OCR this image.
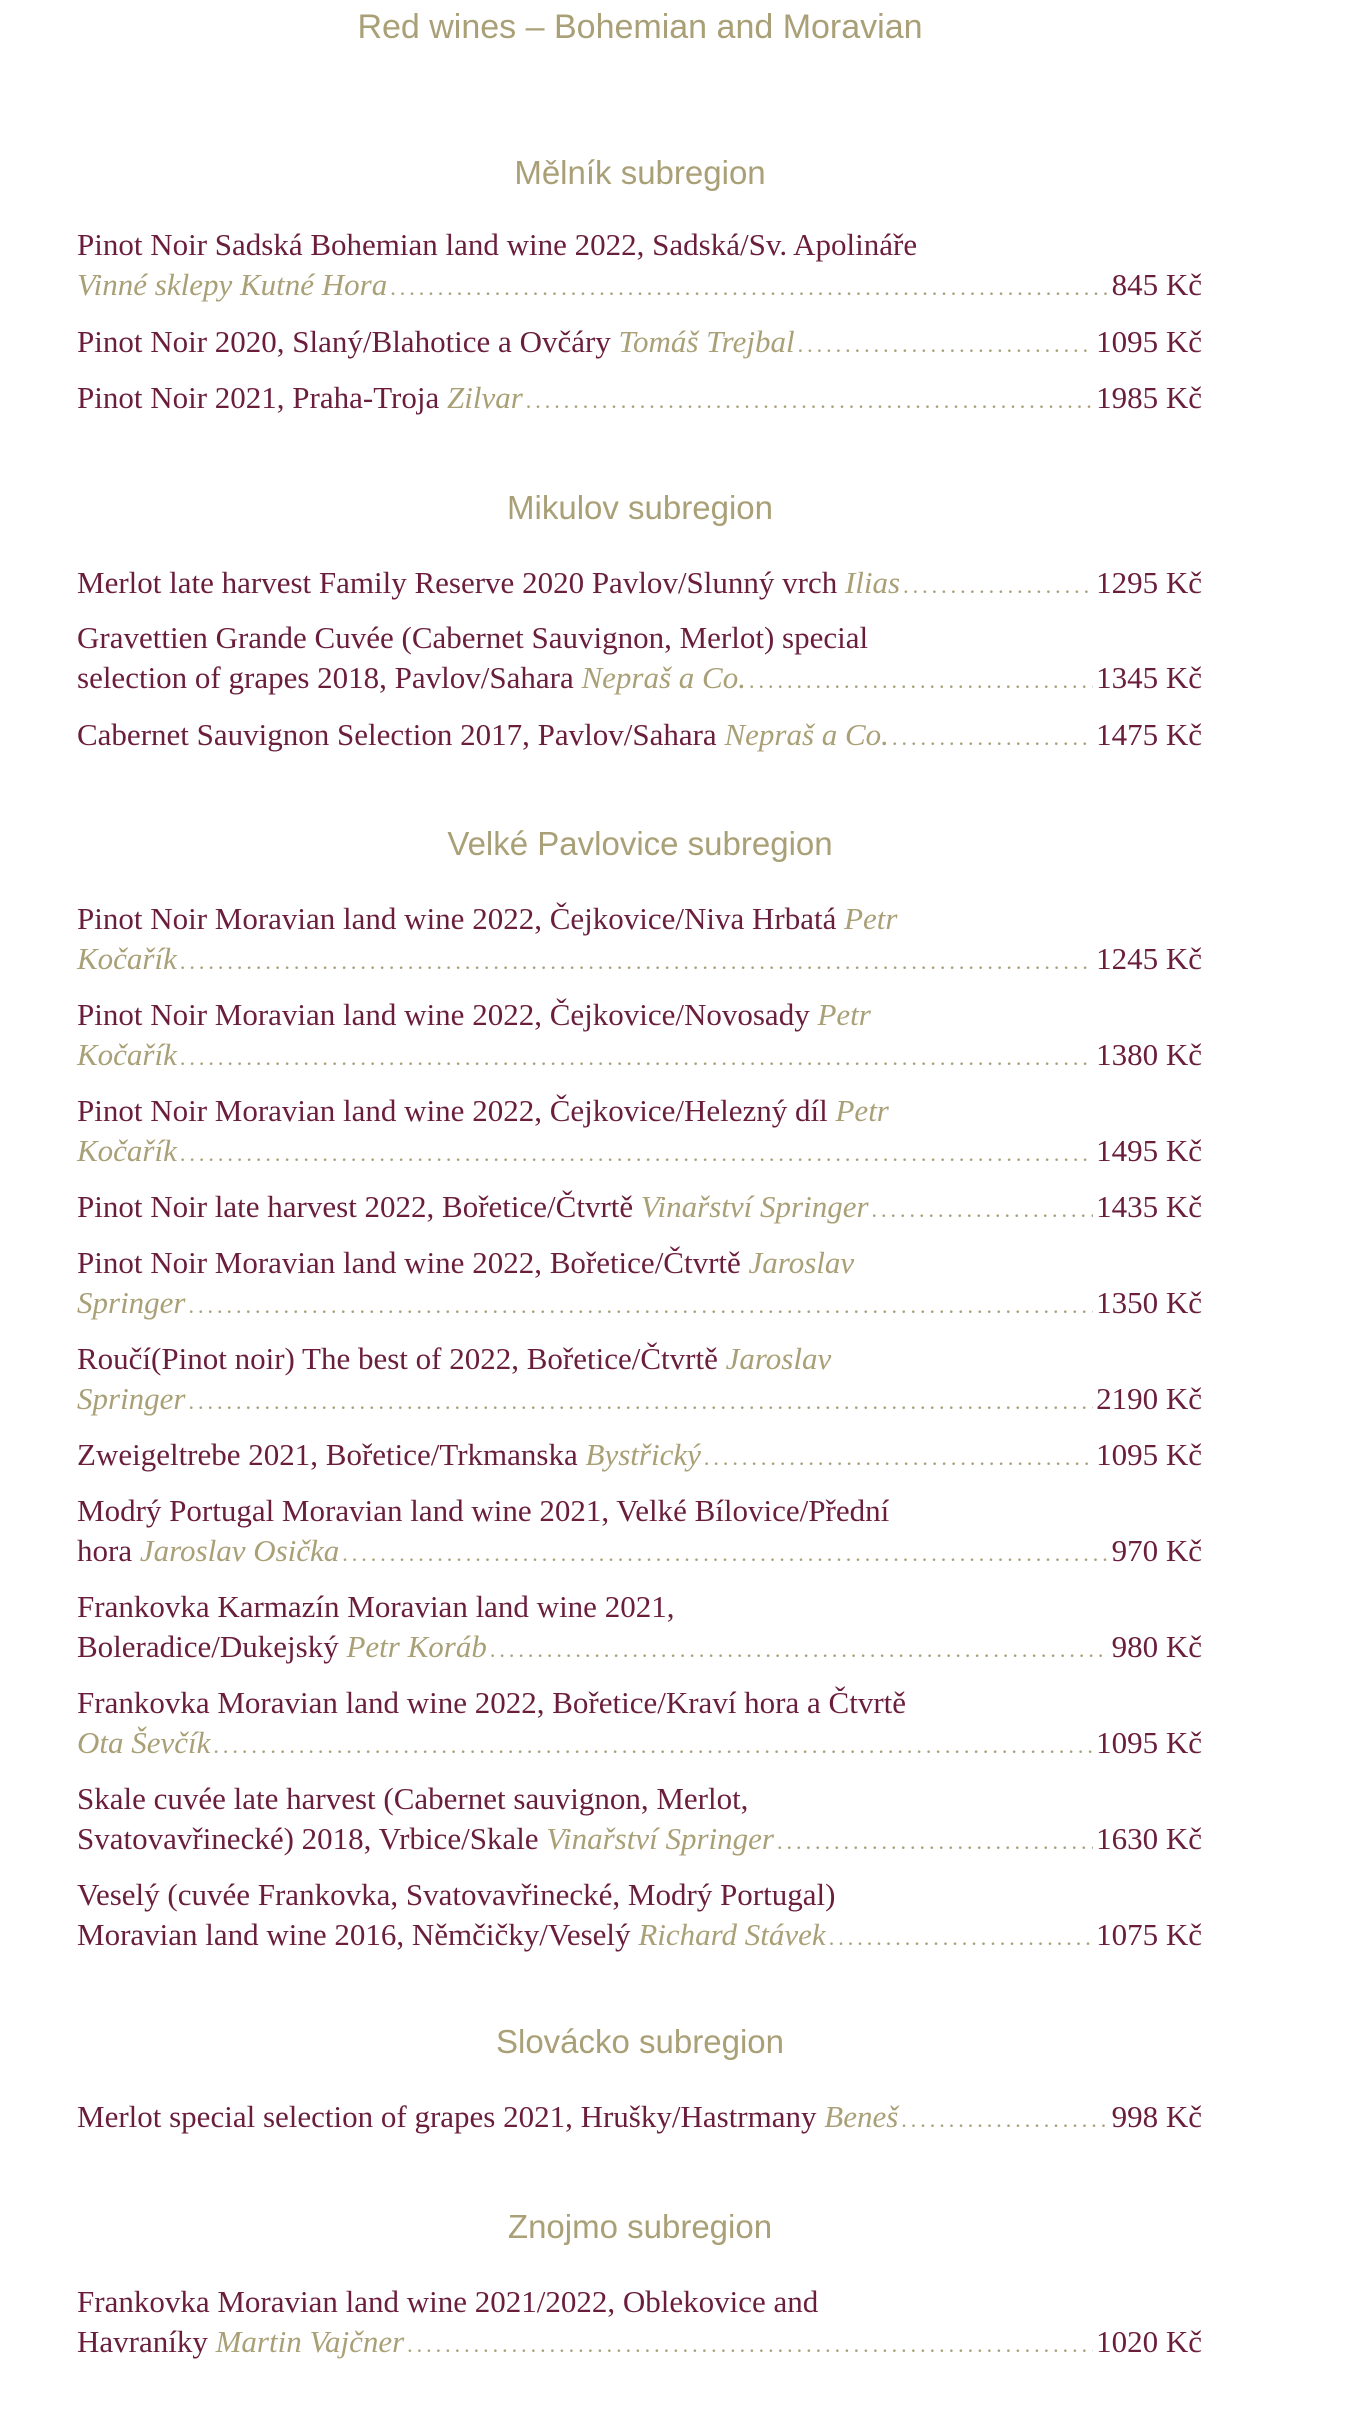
Red wines – Bohemian and Moravian
Mělník subregion
Pinot Noir Sadská Bohemian land wine 2022, Sadská/Sv. Apolináře
Vinné sklepy Kutné Hora .....	845 Kč
Pinot Noir 2020, Slaný/Blahotice a Ovčáry
Tomáš Trejbal .....	1095 Kč
Pinot Noir 2021, Praha-Troja
Zilvar .....	1985 Kč
Mikulov subregion
Merlot late harvest Family Reserve 2020 Pavlov/Slunný vrch
Ilias .....	1295 Kč
Gravettien Grande Cuvée (Cabernet Sauvignon, Merlot) special
selection of grapes 2018, Pavlov/Sahara
Nepraš a Co. .....	1345 Kč
Cabernet Sauvignon Selection 2017, Pavlov/Sahara
Nepraš a Co. .....	1475 Kč
Velké Pavlovice subregion
Pinot Noir Moravian land wine 2022, Čejkovice/Niva Hrbatá Petr
Kočařík .....	1245 Kč
Pinot Noir Moravian land wine 2022, Čejkovice/Novosady Petr
Kočařík .....	1380 Kč
Pinot Noir Moravian land wine 2022, Čejkovice/Helezný díl Petr
Kočařík .....	1495 Kč
Pinot Noir late harvest 2022, Bořetice/Čtvrtě
Vinařství Springer .....	1435 Kč
Pinot Noir Moravian land wine 2022, Bořetice/Čtvrtě Jaroslav
Springer .....	1350 Kč
Roučí(Pinot noir) The best of 2022, Bořetice/Čtvrtě Jaroslav
Springer .....	2190 Kč
Zweigeltrebe 2021, Bořetice/Trkmanska
Bystřický .....	1095 Kč
Modrý Portugal Moravian land wine 2021, Velké Bílovice/Přední
hora
Jaroslav Osička .....	970 Kč
Frankovka Karmazín Moravian land wine 2021,
Boleradice/Dukejský
Petr Koráb .....	980 Kč
Frankovka Moravian land wine 2022, Bořetice/Kraví hora a Čtvrtě
Ota Ševčík .....	1095 Kč
Skale cuvée late harvest (Cabernet sauvignon, Merlot,
Svatovavřinecké) 2018, Vrbice/Skale
Vinařství Springer .....	1630 Kč
Veselý (cuvée Frankovka, Svatovavřinecké, Modrý Portugal)
Moravian land wine 2016, Němčičky/Veselý
Richard Stávek .....	1075 Kč
Slovácko subregion
Merlot special selection of grapes 2021, Hrušky/Hastrmany
Beneš .....	998 Kč
Znojmo subregion
Frankovka Moravian land wine 2021/2022, Oblekovice and
Havraníky
Martin Vajčner .....	1020 Kč
